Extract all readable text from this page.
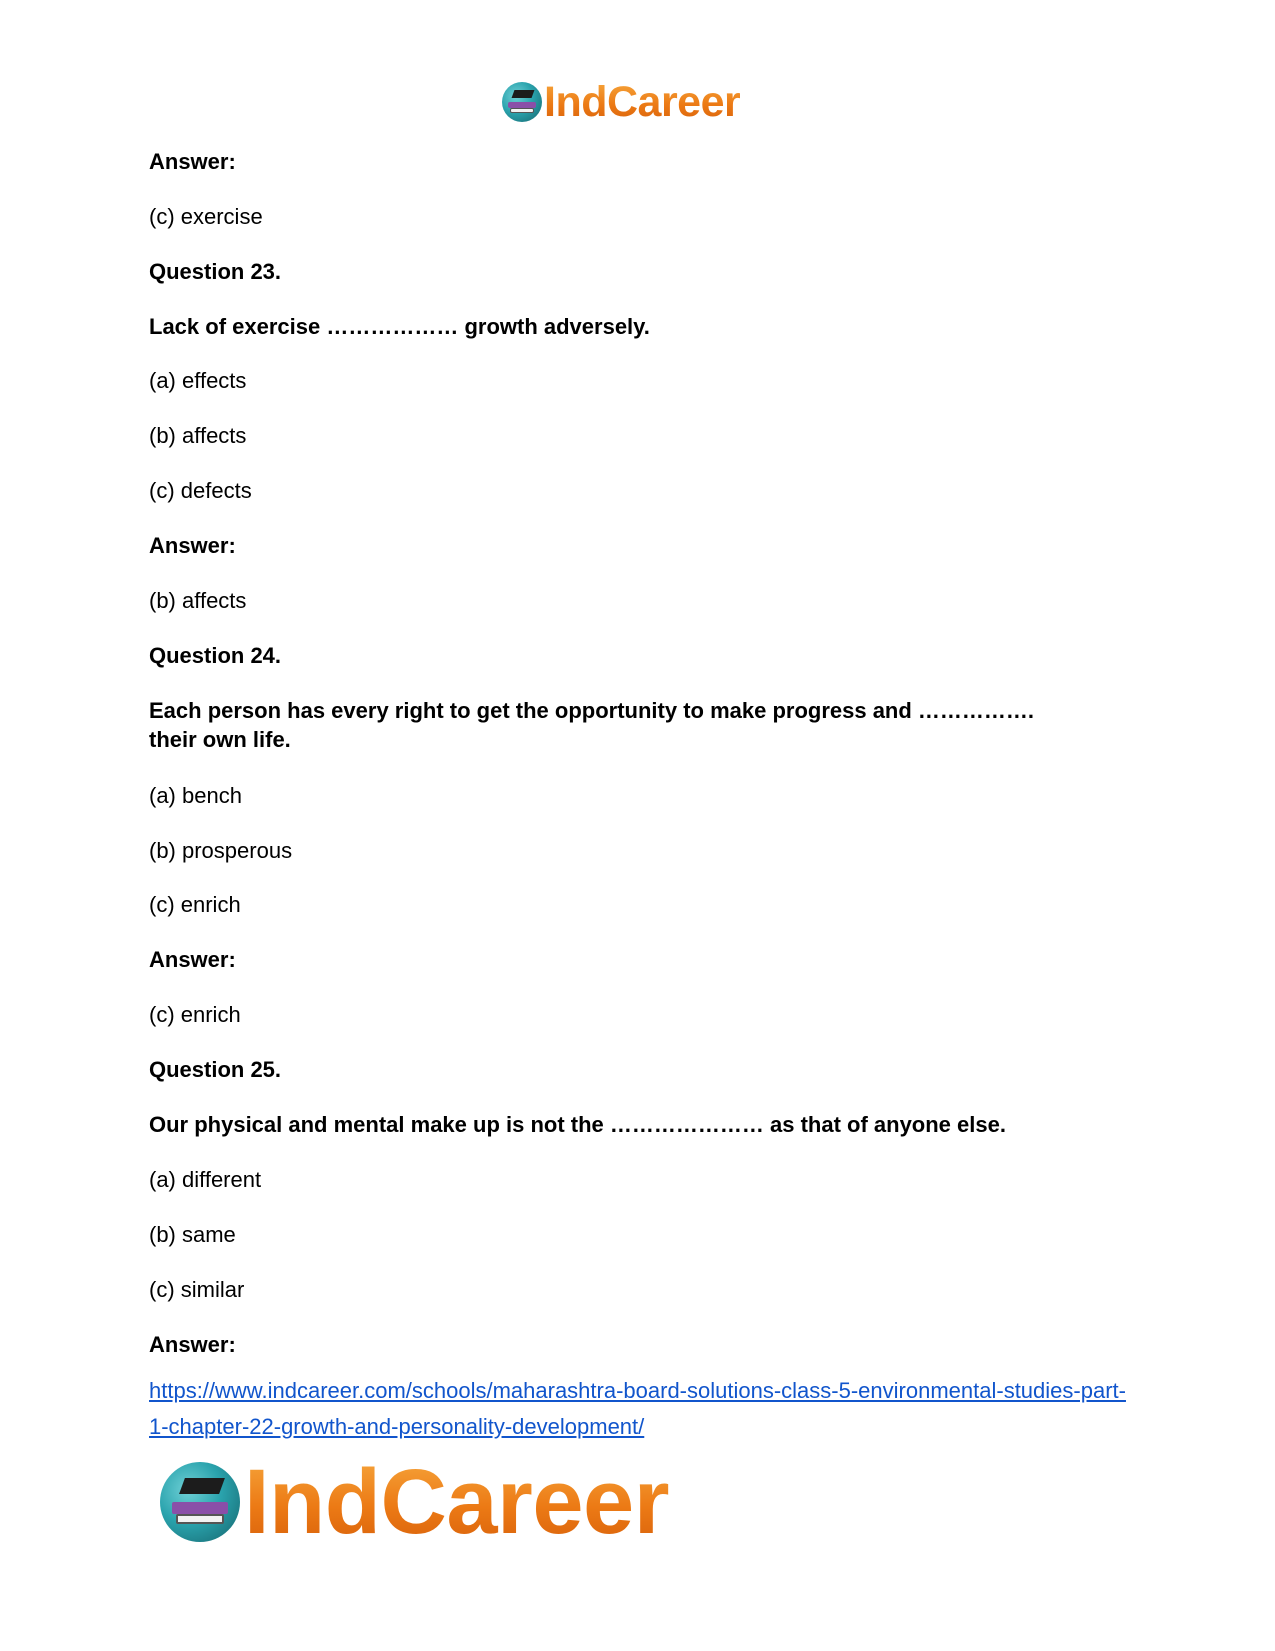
IndCareer
Answer:
(c) exercise
Question 23.
Lack of exercise ……………… growth adversely.
(a) effects
(b) affects
(c) defects
Answer:
(b) affects
Question 24.
Each person has every right to get the opportunity to make progress and ……………. their own life.
(a) bench
(b) prosperous
(c) enrich
Answer:
(c) enrich
Question 25.
Our physical and mental make up is not the ………………… as that of anyone else.
(a) different
(b) same
(c) similar
Answer:
https://www.indcareer.com/schools/maharashtra-board-solutions-class-5-environmental-studies-part-1-chapter-22-growth-and-personality-development/
IndCareer
